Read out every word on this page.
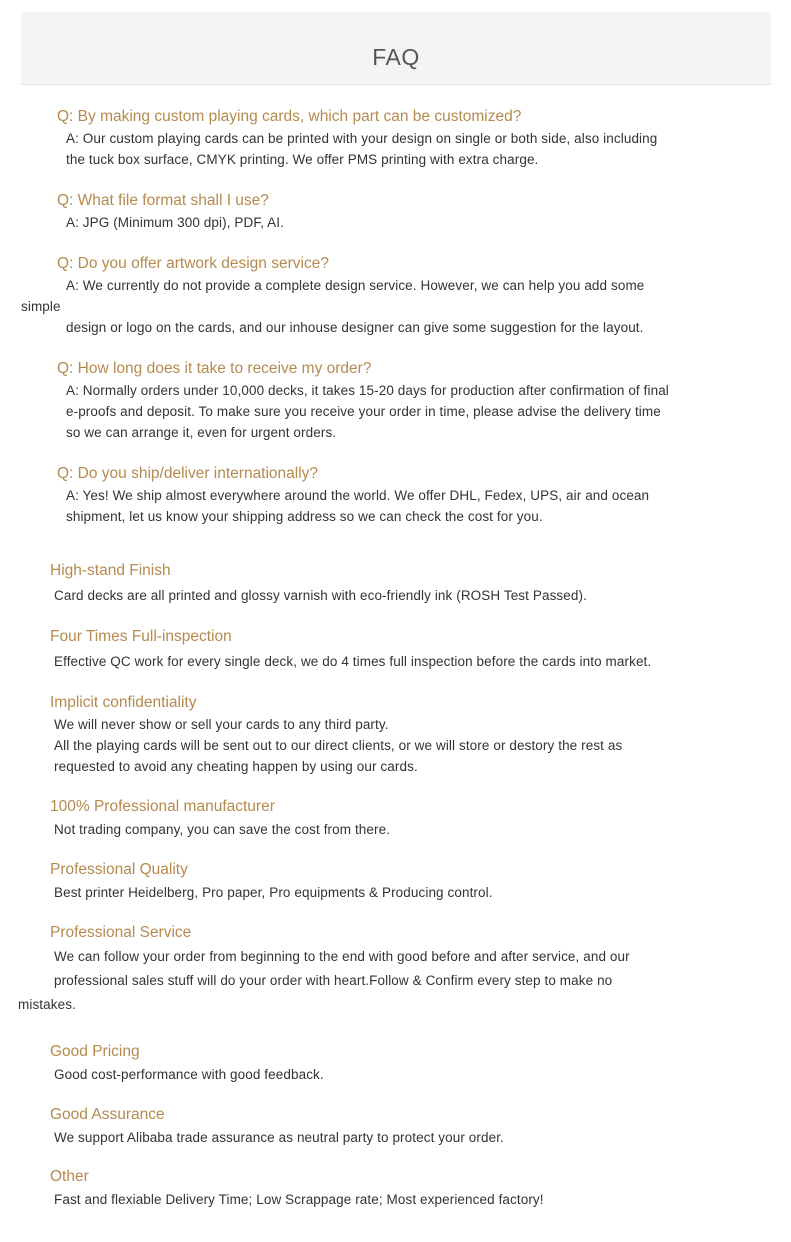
FAQ

Q: By making custom playing cards, which part can be customized?

A: Our custom playing cards can be printed with your design on single or both side, also including

the tuck box surface, CMYK printing. We offer PMS printing with extra charge.

Q: What file format shall I use?

A: JPG (Minimum 300 dpi), PDF, AI.

Q: Do you offer artwork design service?

A: We currently do not provide a complete design service. However, we can help you add some

simple

design or logo on the cards, and our inhouse designer can give some suggestion for the layout.

Q: How long does it take to receive my order?

A: Normally orders under 10,000 decks, it takes 15-20 days for production after confirmation of final

e-proofs and deposit. To make sure you receive your order in time, please advise the delivery time

so we can arrange it, even for urgent orders.

Q: Do you ship/deliver internationally?

A: Yes! We ship almost everywhere around the world. We offer DHL, Fedex, UPS, air and ocean

shipment, let us know your shipping address so we can check the cost for you.

High-stand Finish

Card decks are all printed and glossy varnish with eco-friendly ink (ROSH Test Passed).

Four Times Full-inspection

Effective QC work for every single deck, we do 4 times full inspection before the cards into market.

Implicit confidentiality

We will never show or sell your cards to any third party.

All the playing cards will be sent out to our direct clients, or we will store or destory the rest as

requested to avoid any cheating happen by using our cards.

100% Professional manufacturer

Not trading company, you can save the cost from there.

Professional Quality

Best printer Heidelberg, Pro paper, Pro equipments & Producing control.

Professional Service

We can follow your order from beginning to the end with good before and after service, and our

professional sales stuff will do your order with heart.Follow & Confirm every step to make no

mistakes.

Good Pricing

Good cost-performance with good feedback.

Good Assurance

We support Alibaba trade assurance as neutral party to protect your order.

Other

Fast and flexiable Delivery Time; Low Scrappage rate; Most experienced factory!
